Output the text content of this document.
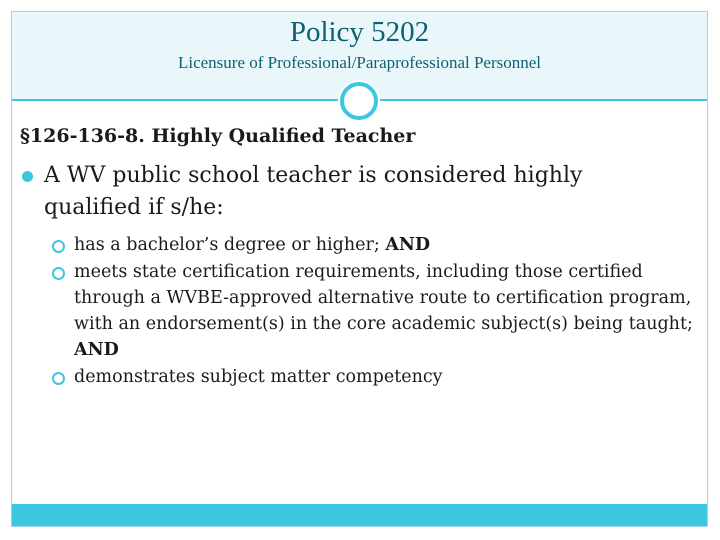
Policy 5202
Licensure of Professional/Paraprofessional Personnel
§126-136-8. Highly Qualified Teacher
A WV public school teacher is considered highly qualified if s/he:
has a bachelor’s degree or higher; AND
meets state certification requirements, including those certified through a WVBE-approved alternative route to certification program, with an endorsement(s) in the core academic subject(s) being taught; AND
demonstrates subject matter competency
